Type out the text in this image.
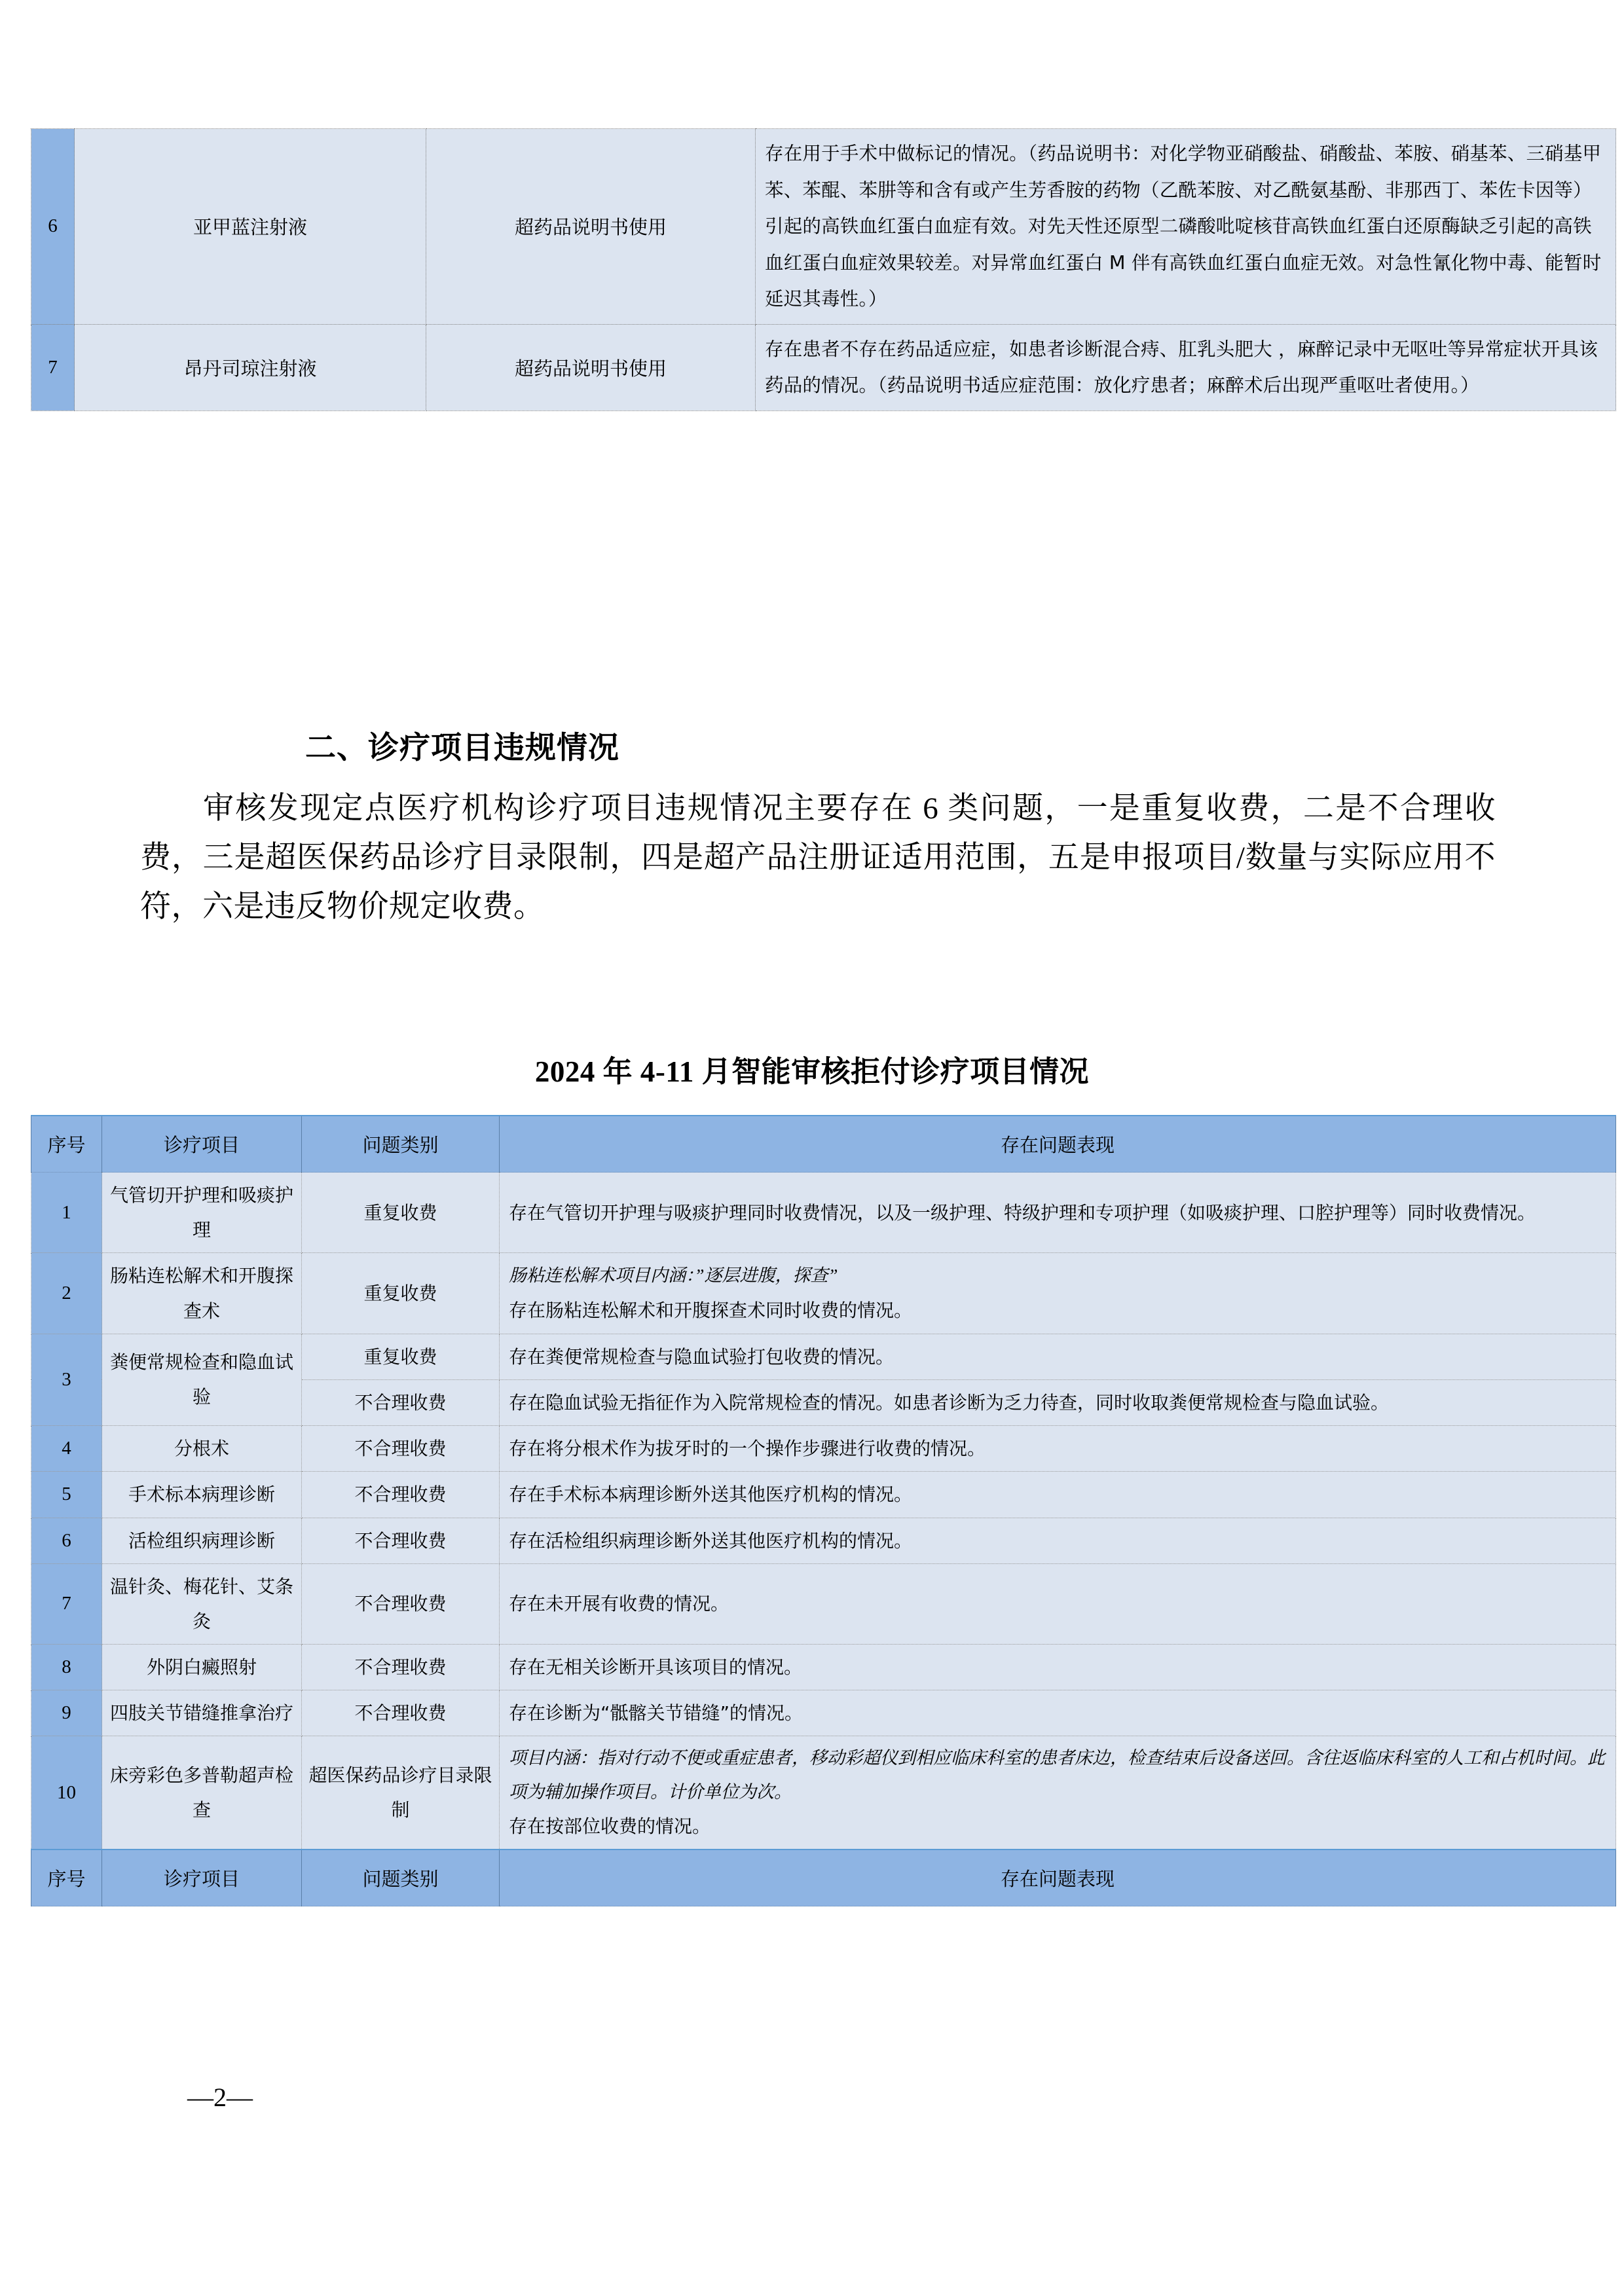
6	亚甲蓝注射液	超药品说明书使用	存在用于手术中做标记的情况。（药品说明书：对化学物亚硝酸盐、硝酸盐、苯胺、硝基苯、三硝基甲苯、苯醌、苯肼等和含有或产生芳香胺的药物（乙酰苯胺、对乙酰氨基酚、非那西丁、苯佐卡因等）引起的高铁血红蛋白血症有效。对先天性还原型二磷酸吡啶核苷高铁血红蛋白还原酶缺乏引起的高铁血红蛋白血症效果较差。对异常血红蛋白 M 伴有高铁血红蛋白血症无效。对急性氰化物中毒、能暂时延迟其毒性。）
7	昂丹司琼注射液	超药品说明书使用	存在患者不存在药品适应症，如患者诊断混合痔、肛乳头肥大 ，麻醉记录中无呕吐等异常症状开具该药品的情况。（药品说明书适应症范围：放化疗患者；麻醉术后出现严重呕吐者使用。）
二、诊疗项目违规情况
审核发现定点医疗机构诊疗项目违规情况主要存在 6 类问题，一是重复收费，二是不合理收费，三是超医保药品诊疗目录限制，四是超产品注册证适用范围，五是申报项目/数量与实际应用不符，六是违反物价规定收费。
2024 年 4-11 月智能审核拒付诊疗项目情况
序号	诊疗项目	问题类别	存在问题表现
1	气管切开护理和吸痰护理	重复收费	存在气管切开护理与吸痰护理同时收费情况，以及一级护理、特级护理和专项护理（如吸痰护理、口腔护理等）同时收费情况。

2	肠粘连松解术和开腹探查术	重复收费	肠粘连松解术项目内涵：”逐层进腹，探查”
存在肠粘连松解术和开腹探查术同时收费的情况。

3	粪便常规检查和隐血试验	重复收费	存在粪便常规检查与隐血试验打包收费的情况。

		不合理收费	存在隐血试验无指征作为入院常规检查的情况。如患者诊断为乏力待查，同时收取粪便常规检查与隐血试验。

4	分根术	不合理收费	存在将分根术作为拔牙时的一个操作步骤进行收费的情况。

5	手术标本病理诊断	不合理收费	存在手术标本病理诊断外送其他医疗机构的情况。

6	活检组织病理诊断	不合理收费	存在活检组织病理诊断外送其他医疗机构的情况。

7	温针灸、梅花针、艾条灸	不合理收费	存在未开展有收费的情况。

8	外阴白癜照射	不合理收费	存在无相关诊断开具该项目的情况。

9	四肢关节错缝推拿治疗	不合理收费	存在诊断为“骶髂关节错缝”的情况。

10	床旁彩色多普勒超声检查	超医保药品诊疗目录限制	项目内涵：指对行动不便或重症患者，移动彩超仪到相应临床科室的患者床边，检查结束后设备送回。含往返临床科室的人工和占机时间。此项为辅加操作项目。计价单位为次。
存在按部位收费的情况。

序号	诊疗项目	问题类别	存在问题表现
—2—
